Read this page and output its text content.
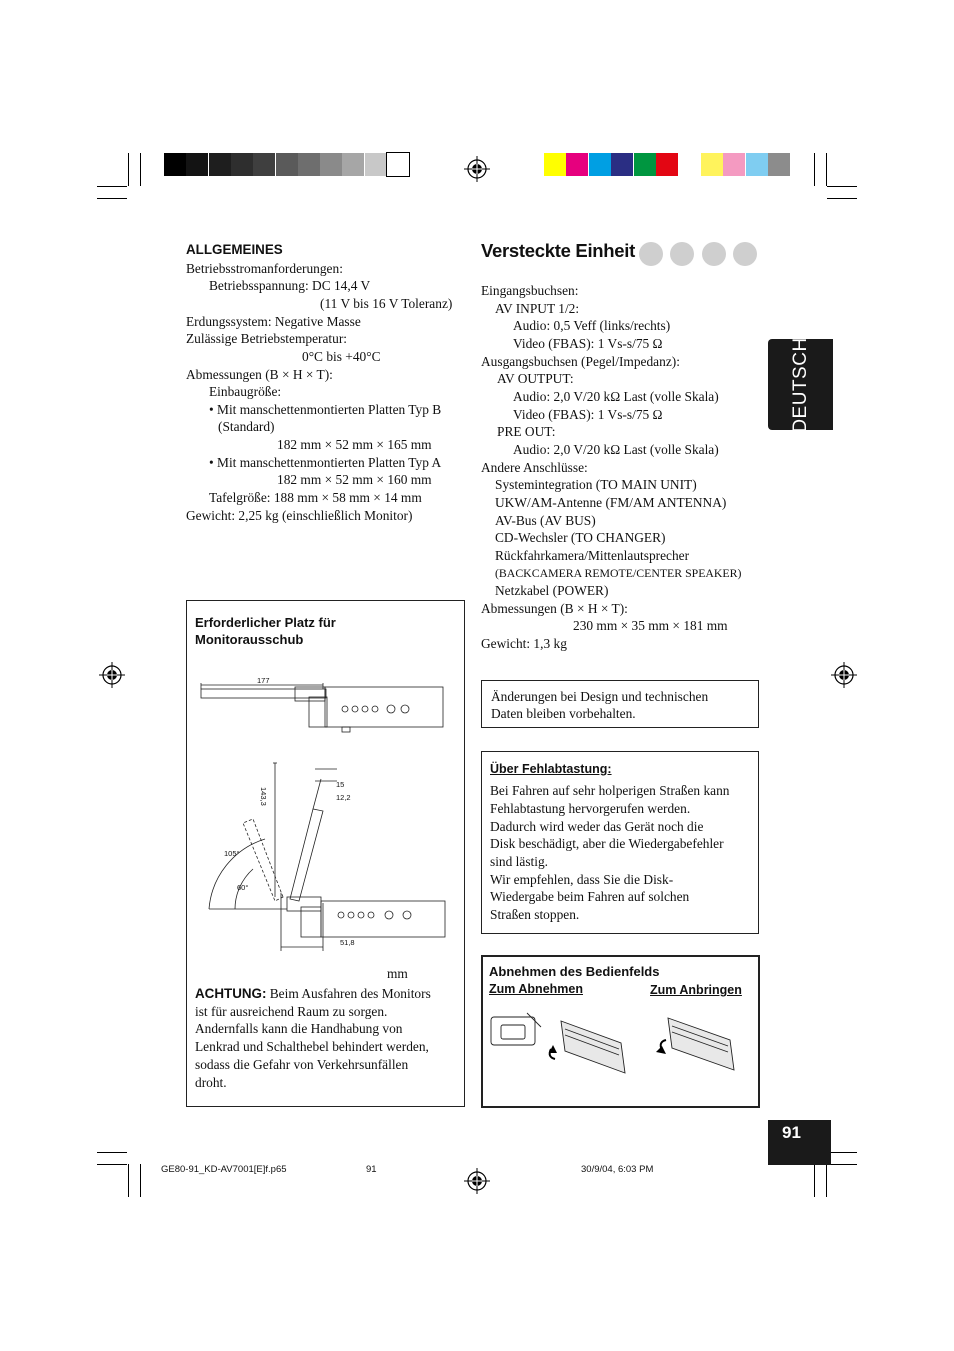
ALLGEMEINES
Betriebsstromanforderungen:
Betriebsspannung: DC 14,4 V
(11 V bis 16 V Toleranz)
Erdungssystem: Negative Masse
Zulässige Betriebstemperatur:
0°C bis +40°C
Abmessungen (B × H × T):
Einbaugröße:
• Mit manschettenmontierten Platten Typ B
(Standard)
182 mm × 52 mm × 165 mm
• Mit manschettenmontierten Platten Typ A
182 mm × 52 mm × 160 mm
Tafelgröße: 188 mm × 58 mm × 14 mm
Gewicht: 2,25 kg (einschließlich Monitor)
Versteckte Einheit
Eingangsbuchsen:
AV INPUT 1/2:
Audio: 0,5 Veff (links/rechts)
Video (FBAS): 1 Vs-s/75 Ω
Ausgangsbuchsen (Pegel/Impedanz):
AV OUTPUT:
Audio: 2,0 V/20 kΩ Last (volle Skala)
Video (FBAS): 1 Vs-s/75 Ω
PRE OUT:
Audio: 2,0 V/20 kΩ Last (volle Skala)
Andere Anschlüsse:
Systemintegration (TO MAIN UNIT)
UKW/AM-Antenne (FM/AM ANTENNA)
AV-Bus (AV BUS)
CD-Wechsler (TO CHANGER)
Rückfahrkamera/Mittenlautsprecher
(BACKCAMERA REMOTE/CENTER SPEAKER)
Netzkabel (POWER)
Abmessungen (B × H × T):
230 mm × 35 mm × 181 mm
Gewicht: 1,3 kg
DEUTSCH
Erforderlicher Platz für
Monitorausschub
177
15
12,2
143,3
105°
60°
51,8
mm
ACHTUNG: Beim Ausfahren des Monitors
ist für ausreichend Raum zu sorgen.
Andernfalls kann die Handhabung von
Lenkrad und Schalthebel behindert werden,
sodass die Gefahr von Verkehrsunfällen
droht.
Änderungen bei Design und technischen
Daten bleiben vorbehalten.
Über Fehlabtastung:
Bei Fahren auf sehr holperigen Straßen kann
Fehlabtastung hervorgerufen werden.
Dadurch wird weder das Gerät noch die
Disk beschädigt, aber die Wiedergabefehler
sind lästig.
Wir empfehlen, dass Sie die Disk-
Wiedergabe beim Fahren auf solchen
Straßen stoppen.
Abnehmen des Bedienfelds
Zum Abnehmen	Zum Anbringen
91
GE80-91_KD-AV7001[E]f.p65	91	30/9/04, 6:03 PM
